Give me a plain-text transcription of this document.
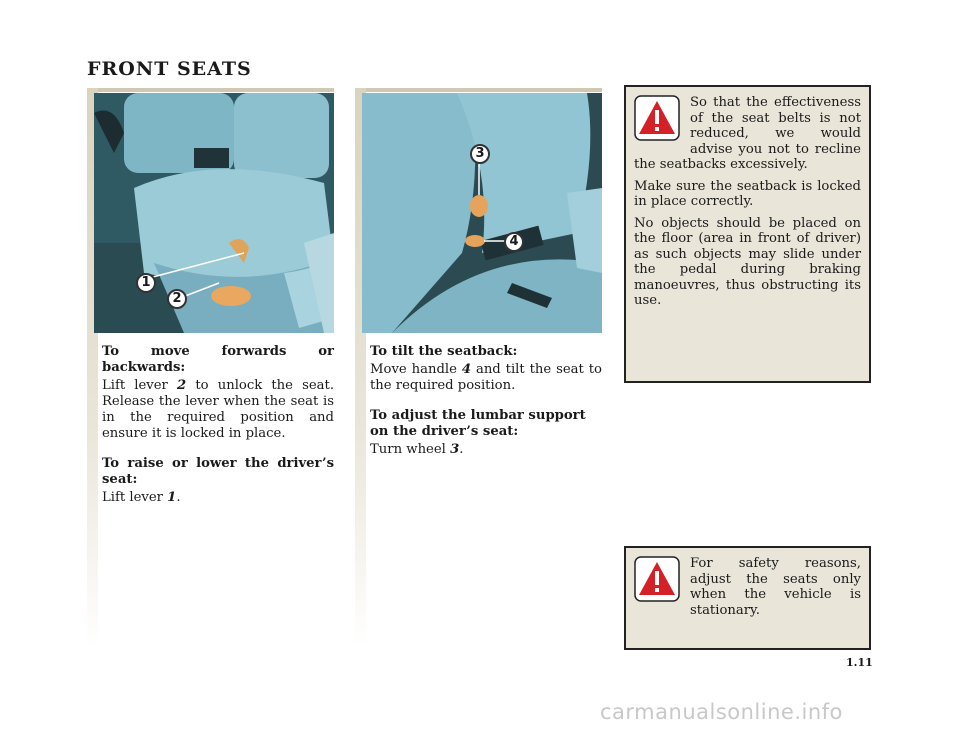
FRONT SEATS
1
2
3
4

To move forwards or backwards:

Lift lever 2 to unlock the seat. Release the lever when the seat is in the required position and ensure it is locked in place.

To raise or lower the driver’s seat:

Lift lever 1.

To tilt the seatback:

Move handle 4 and tilt the seat to the required position.

To adjust the lumbar support on the driver’s seat:

Turn wheel 3.

So that the effectiveness of the seat belts is not reduced, we would advise you not to recline the seatbacks excessively.

Make sure the seatback is locked in place correctly.

No objects should be placed on the floor (area in front of driver) as such objects may slide under the pedal during braking manoeuvres, thus obstructing its use.

For safety reasons, adjust the seats only when the vehicle is stationary.

1.11
carmanualsonline.info
